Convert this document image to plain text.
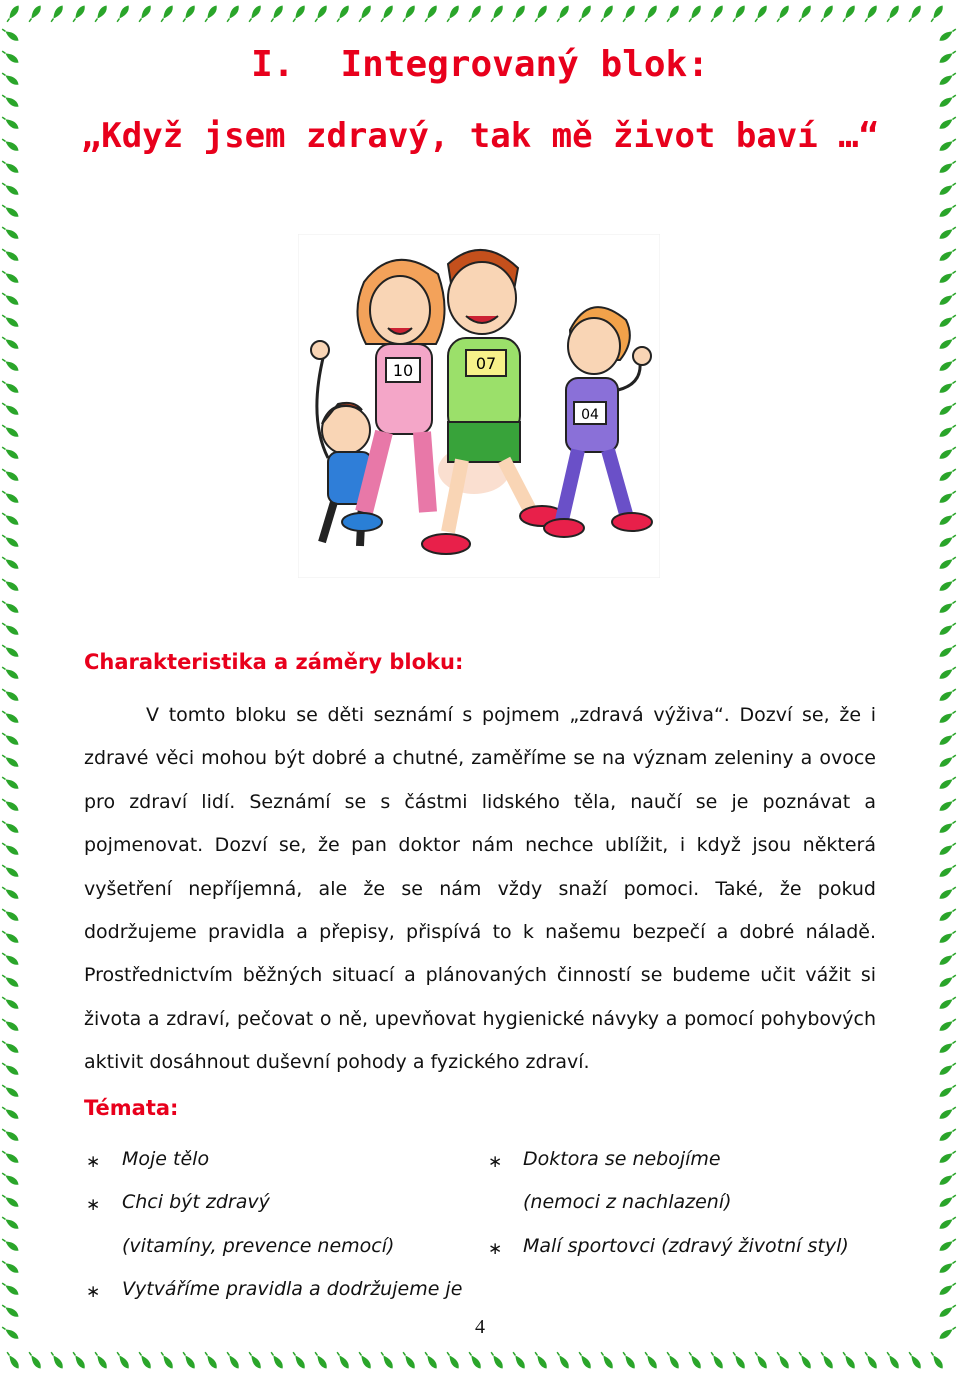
I. Integrovaný blok:
„Když jsem zdravý, tak mě život baví …“
10	07
04
Charakteristika a záměry bloku:
V tomto bloku se děti seznámí s pojmem „zdravá výživa“. Dozví se, že i zdravé věci mohou být dobré a chutné, zaměříme se na význam zeleniny a ovoce pro zdraví lidí. Seznámí se s částmi lidského těla, naučí se je poznávat a pojmenovat. Dozví se, že pan doktor nám nechce ublížit, i když jsou některá vyšetření nepříjemná, ale že se nám vždy snaží pomoci. Také, že pokud dodržujeme pravidla a přepisy, přispívá to k našemu bezpečí a dobré náladě. Prostřednictvím běžných situací a plánovaných činností se budeme učit vážit si života a zdraví, pečovat o ně, upevňovat hygienické návyky a pomocí pohybových aktivit dosáhnout duševní pohody a fyzického zdraví.
Témata:
∗ Moje tělo
∗ Chci být zdravý
(vitamíny, prevence nemocí)
∗ Vytváříme pravidla a dodržujeme je
∗ Doktora se nebojíme
(nemoci z nachlazení)
∗ Malí sportovci (zdravý životní styl)
4
